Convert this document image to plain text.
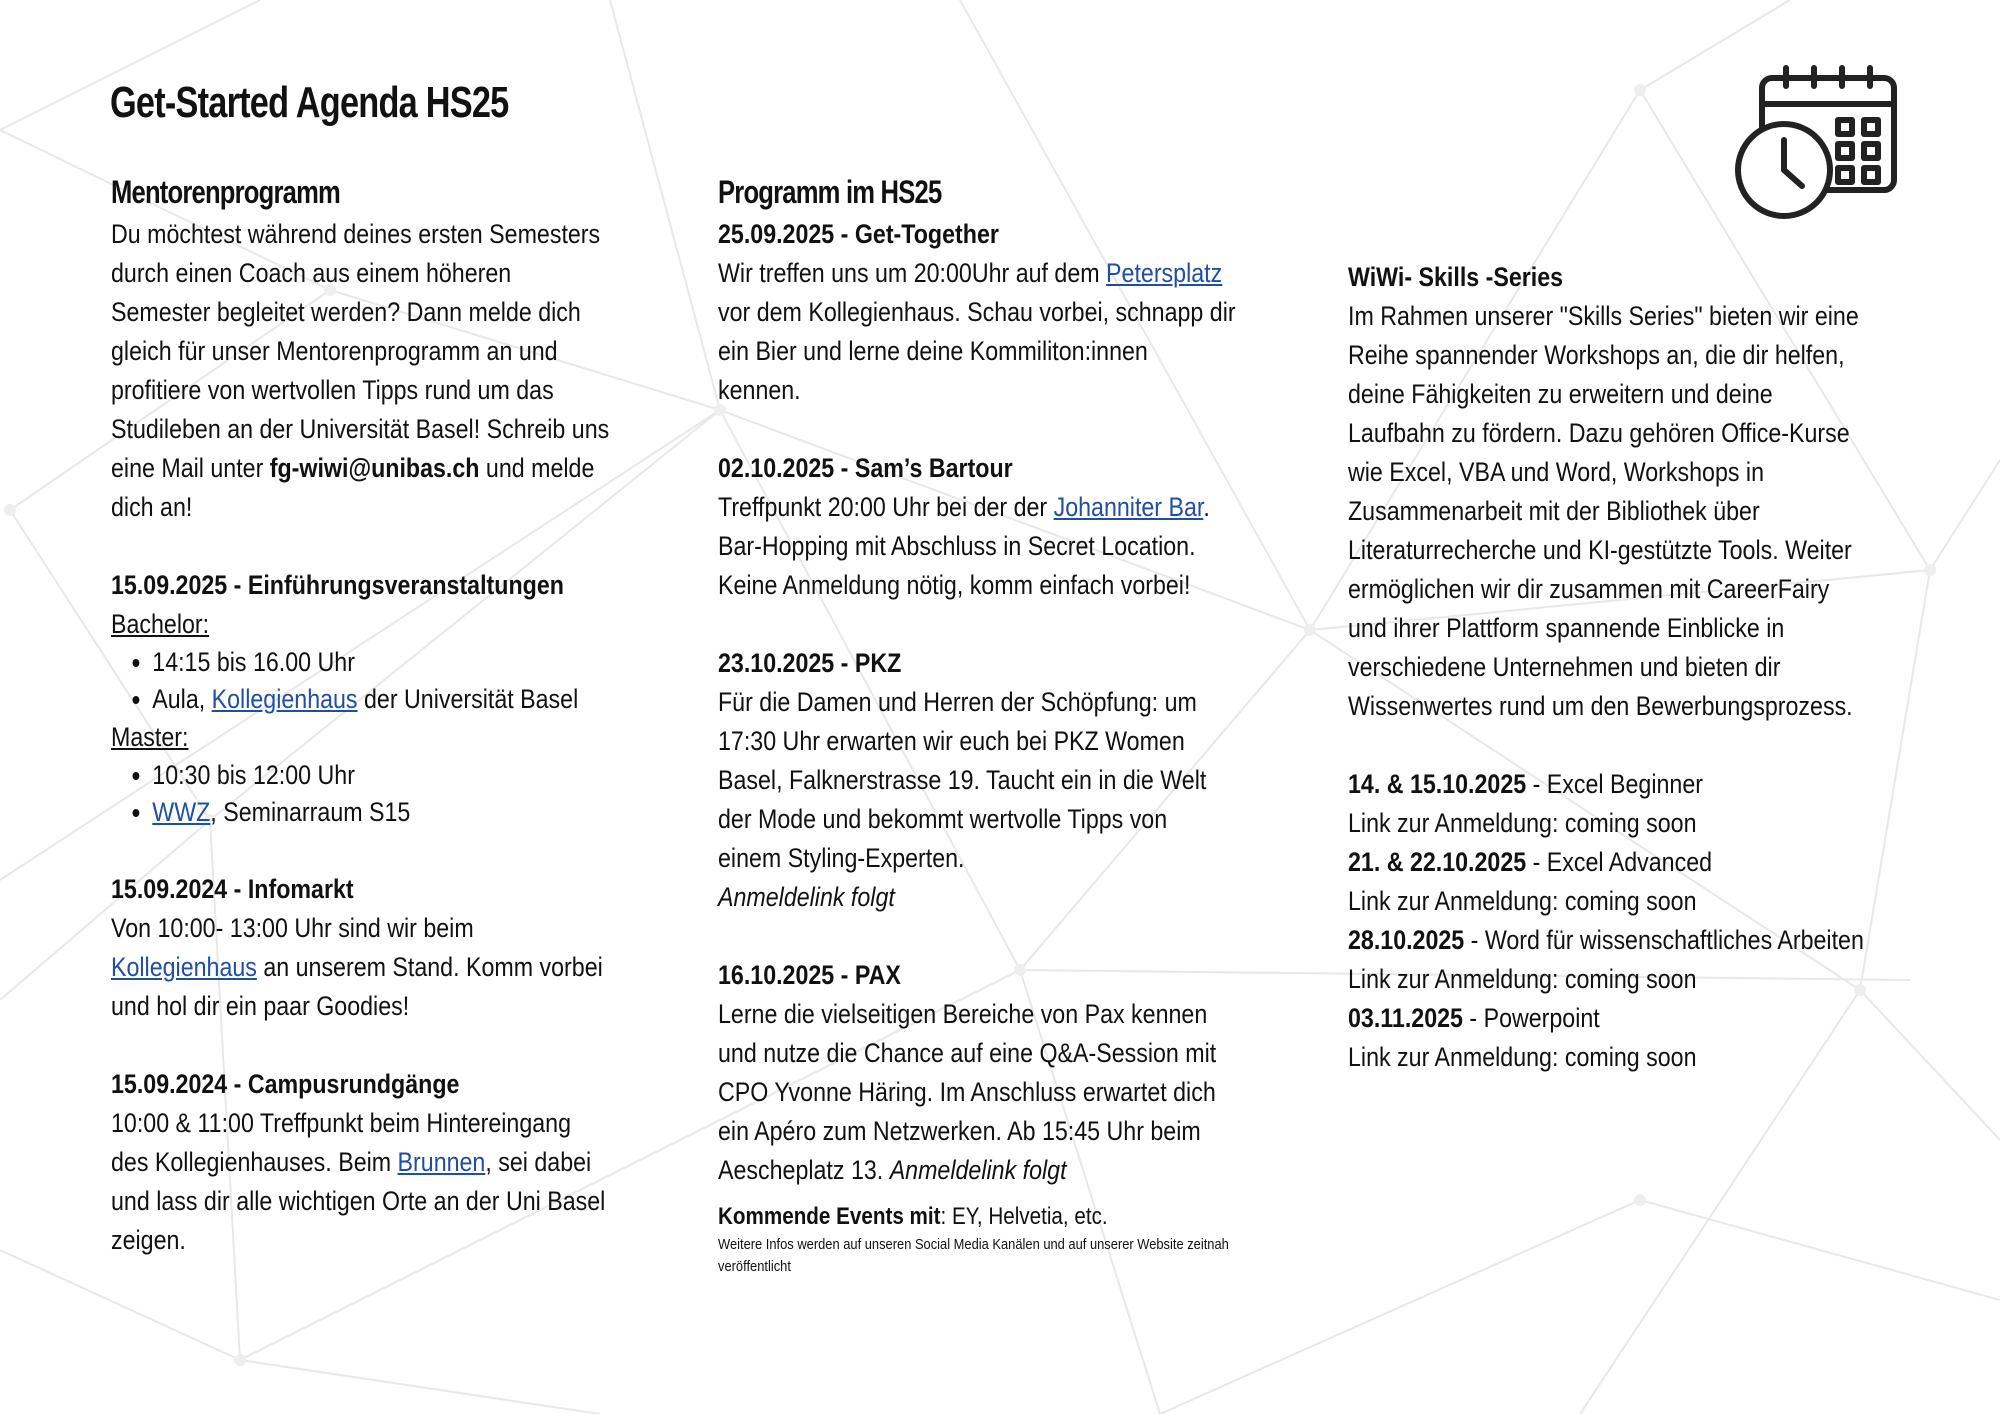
Get-Started Agenda HS25
Mentorenprogramm

Du möchtest während deines ersten Semesters durch einen Coach aus einem höheren Semester begleitet werden? Dann melde dich gleich für unser Mentorenprogramm an und profitiere von wertvollen Tipps rund um das Studileben an der Universität Basel! Schreib uns eine Mail unter fg-wiwi@unibas.ch und melde dich an!

15.09.2025 - Einführungsveranstaltungen

Bachelor:

• 14:15 bis 16.00 Uhr
• Aula, Kollegienhaus der Universität Basel

Master:

• 10:30 bis 12:00 Uhr
• WWZ, Seminarraum S15

15.09.2024 - Infomarkt

Von 10:00- 13:00 Uhr sind wir beim Kollegienhaus an unserem Stand. Komm vorbei und hol dir ein paar Goodies!

15.09.2024 - Campusrundgänge

10:00 & 11:00 Treffpunkt beim Hintereingang des Kollegienhauses. Beim Brunnen, sei dabei und lass dir alle wichtigen Orte an der Uni Basel zeigen.

Programm im HS25

25.09.2025 - Get-Together

Wir treffen uns um 20:00Uhr auf dem Petersplatz vor dem Kollegienhaus. Schau vorbei, schnapp dir ein Bier und lerne deine Kommiliton:innen kennen.

02.10.2025 - Sam’s Bartour

Treffpunkt 20:00 Uhr bei der der Johanniter Bar. Bar-Hopping mit Abschluss in Secret Location. Keine Anmeldung nötig, komm einfach vorbei!

23.10.2025 - PKZ

Für die Damen und Herren der Schöpfung: um 17:30 Uhr erwarten wir euch bei PKZ Women Basel, Falknerstrasse 19. Taucht ein in die Welt der Mode und bekommt wertvolle Tipps von einem Styling-Experten.

Anmeldelink folgt

16.10.2025 - PAX

Lerne die vielseitigen Bereiche von Pax kennen und nutze die Chance auf eine Q&A-Session mit CPO Yvonne Häring. Im Anschluss erwartet dich ein Apéro zum Netzwerken. Ab 15:45 Uhr beim Aescheplatz 13. Anmeldelink folgt

Kommende Events mit: EY, Helvetia, etc.

Weitere Infos werden auf unseren Social Media Kanälen und auf unserer Website zeitnah veröffentlicht

WiWi- Skills -Series

Im Rahmen unserer "Skills Series" bieten wir eine Reihe spannender Workshops an, die dir helfen, deine Fähigkeiten zu erweitern und deine Laufbahn zu fördern. Dazu gehören Office-Kurse wie Excel, VBA und Word, Workshops in Zusammenarbeit mit der Bibliothek über Literaturrecherche und KI-gestützte Tools. Weiter ermöglichen wir dir zusammen mit CareerFairy und ihrer Plattform spannende Einblicke in verschiedene Unternehmen und bieten dir Wissenwertes rund um den Bewerbungsprozess.

14. & 15.10.2025 - Excel Beginner

Link zur Anmeldung: coming soon

21. & 22.10.2025 - Excel Advanced

Link zur Anmeldung: coming soon

28.10.2025 - Word für wissenschaftliches Arbeiten

Link zur Anmeldung: coming soon

03.11.2025 - Powerpoint

Link zur Anmeldung: coming soon
